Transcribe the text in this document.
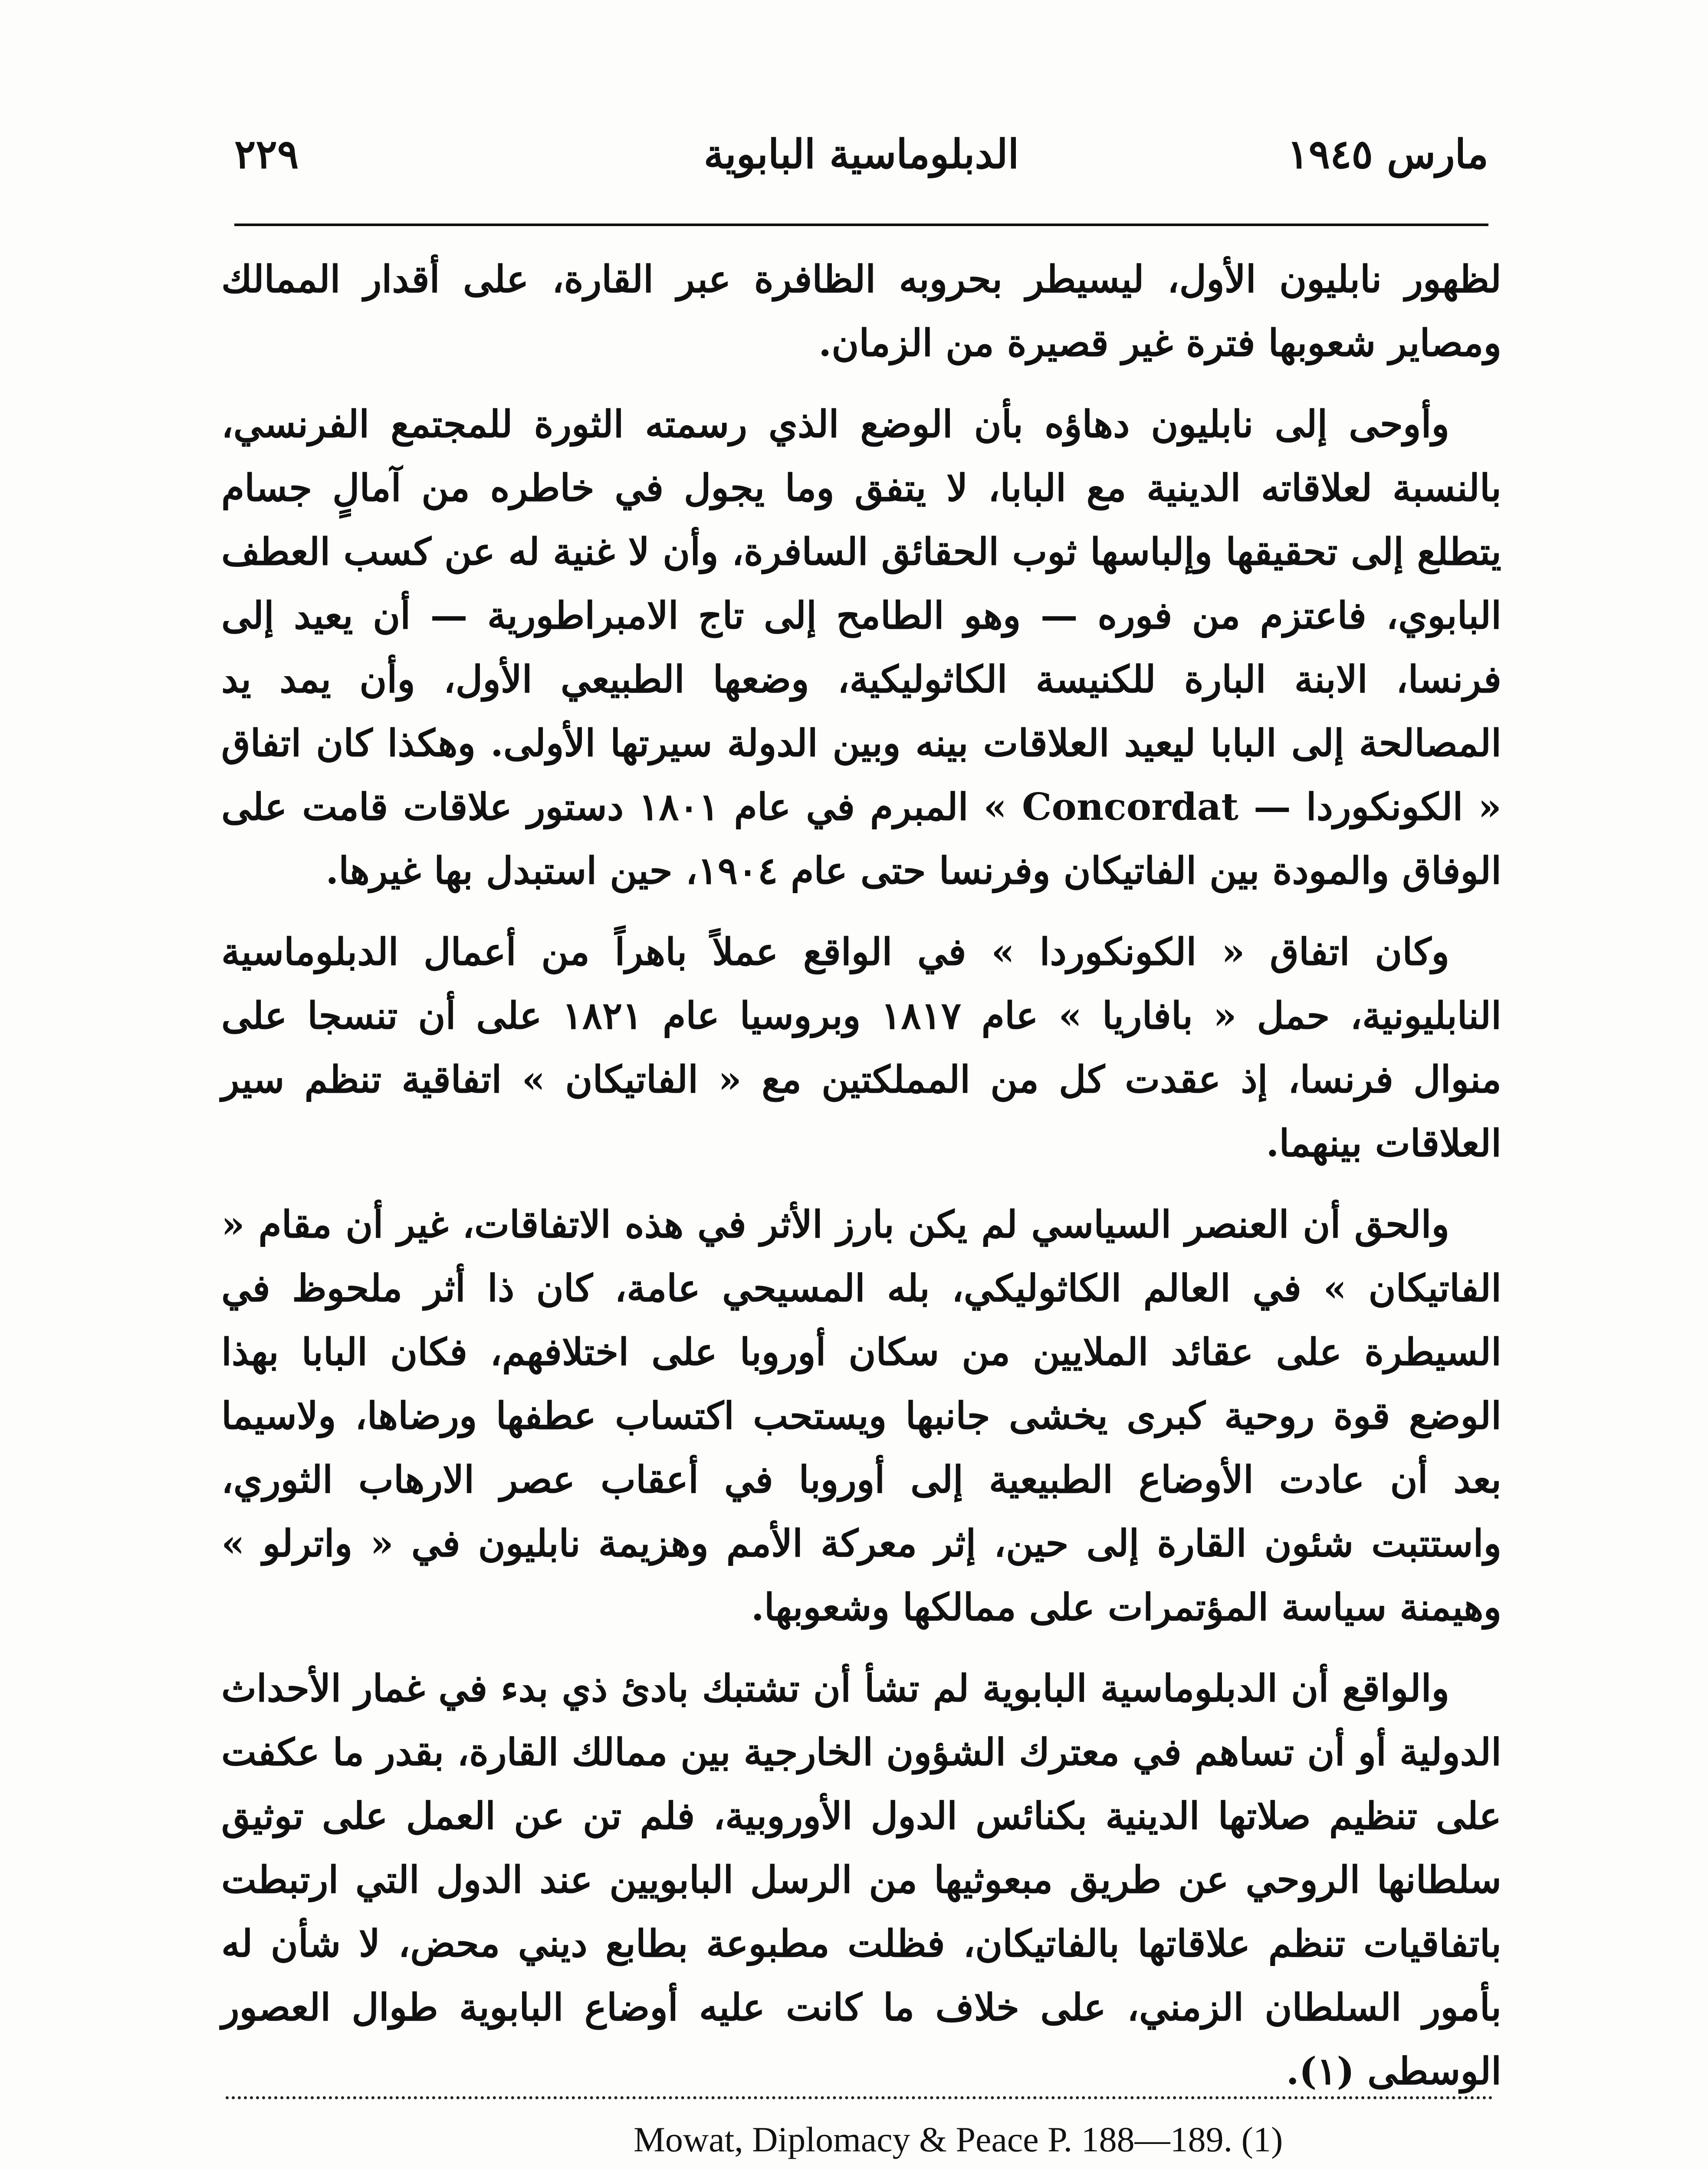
مارس ١٩٤٥
الدبلوماسية البابوية
٢٢٩

لظهور نابليون الأول، ليسيطر بحروبه الظافرة عبر القارة، على أقدار الممالك ومصاير شعوبها فترة غير قصيرة من الزمان.

وأوحى إلى نابليون دهاؤه بأن الوضع الذي رسمته الثورة للمجتمع الفرنسي، بالنسبة لعلاقاته الدينية مع البابا، لا يتفق وما يجول في خاطره من آمالٍ جسام يتطلع إلى تحقيقها وإلباسها ثوب الحقائق السافرة، وأن لا غنية له عن كسب العطف البابوي، فاعتزم من فوره — وهو الطامح إلى تاج الامبراطورية — أن يعيد إلى فرنسا، الابنة البارة للكنيسة الكاثوليكية، وضعها الطبيعي الأول، وأن يمد يد المصالحة إلى البابا ليعيد العلاقات بينه وبين الدولة سيرتها الأولى. وهكذا كان اتفاق « الكونكوردا — Concordat » المبرم في عام ١٨٠١ دستور علاقات قامت على الوفاق والمودة بين الفاتيكان وفرنسا حتى عام ١٩٠٤، حين استبدل بها غيرها.

وكان اتفاق « الكونكوردا » في الواقع عملاً باهراً من أعمال الدبلوماسية النابليونية، حمل « بافاريا » عام ١٨١٧ وبروسيا عام ١٨٢١ على أن تنسجا على منوال فرنسا، إذ عقدت كل من المملكتين مع « الفاتيكان » اتفاقية تنظم سير العلاقات بينهما.

والحق أن العنصر السياسي لم يكن بارز الأثر في هذه الاتفاقات، غير أن مقام « الفاتيكان » في العالم الكاثوليكي، بله المسيحي عامة، كان ذا أثر ملحوظ في السيطرة على عقائد الملايين من سكان أوروبا على اختلافهم، فكان البابا بهذا الوضع قوة روحية كبرى يخشى جانبها ويستحب اكتساب عطفها ورضاها، ولاسيما بعد أن عادت الأوضاع الطبيعية إلى أوروبا في أعقاب عصر الارهاب الثوري، واستتبت شئون القارة إلى حين، إثر معركة الأمم وهزيمة نابليون في « واترلو » وهيمنة سياسة المؤتمرات على ممالكها وشعوبها.

والواقع أن الدبلوماسية البابوية لم تشأ أن تشتبك بادئ ذي بدء في غمار الأحداث الدولية أو أن تساهم في معترك الشؤون الخارجية بين ممالك القارة، بقدر ما عكفت على تنظيم صلاتها الدينية بكنائس الدول الأوروبية، فلم تن عن العمل على توثيق سلطانها الروحي عن طريق مبعوثيها من الرسل البابويين عند الدول التي ارتبطت باتفاقيات تنظم علاقاتها بالفاتيكان، فظلت مطبوعة بطابع ديني محض، لا شأن له بأمور السلطان الزمني، على خلاف ما كانت عليه أوضاع البابوية طوال العصور الوسطى (١).

Mowat, Diplomacy & Peace P. 188—189. (1)
